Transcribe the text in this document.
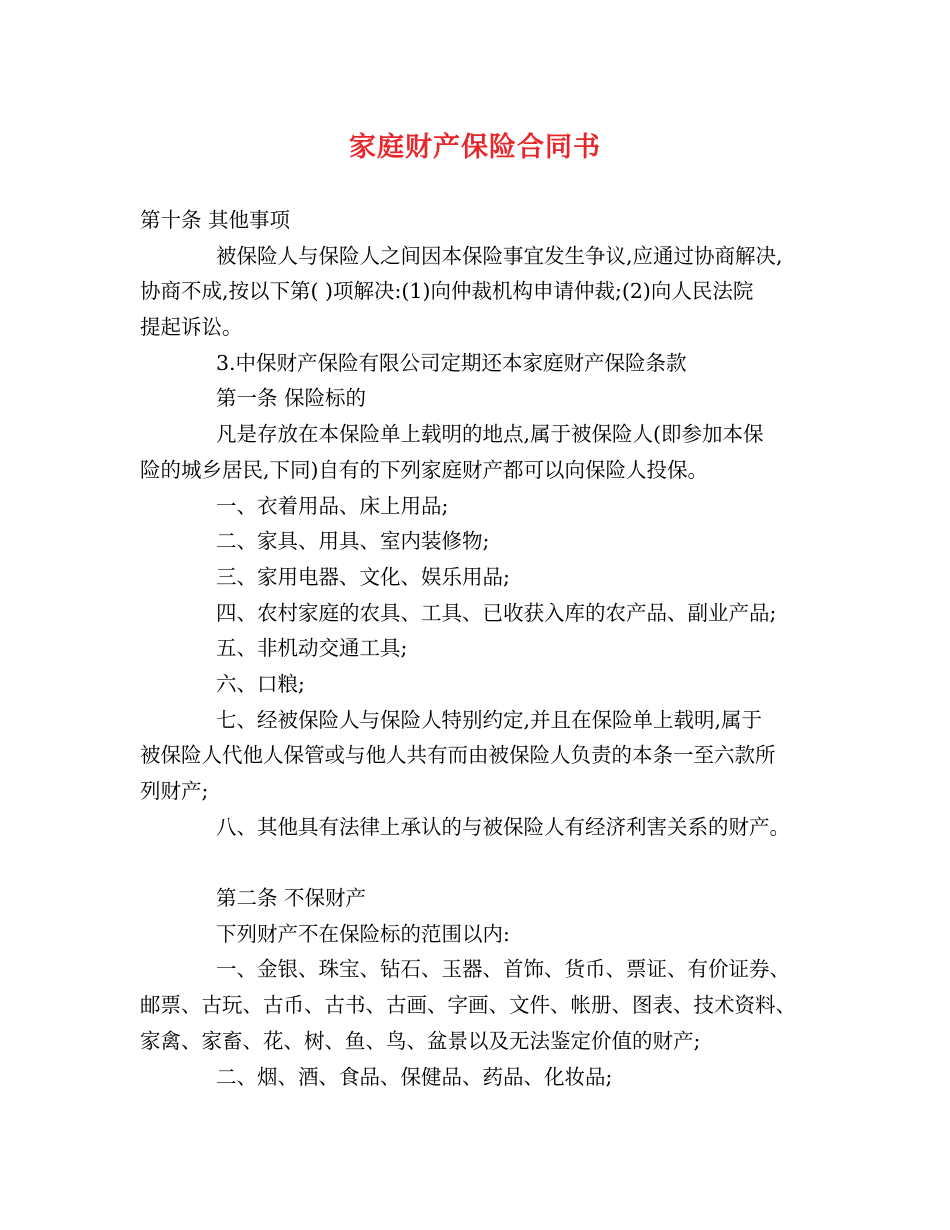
家庭财产保险合同书
第十条 其他事项
被保险人与保险人之间因本保险事宜发生争议,应通过协商解决,
协商不成,按以下第( )项解决:(1)向仲裁机构申请仲裁;(2)向人民法院
提起诉讼。
3.中保财产保险有限公司定期还本家庭财产保险条款
第一条 保险标的
凡是存放在本保险单上载明的地点,属于被保险人(即参加本保
险的城乡居民,下同)自有的下列家庭财产都可以向保险人投保。
一、衣着用品、床上用品;
二、家具、用具、室内装修物;
三、家用电器、文化、娱乐用品;
四、农村家庭的农具、工具、已收获入库的农产品、副业产品;
五、非机动交通工具;
六、口粮;
七、经被保险人与保险人特别约定,并且在保险单上载明,属于
被保险人代他人保管或与他人共有而由被保险人负责的本条一至六款所
列财产;
八、其他具有法律上承认的与被保险人有经济利害关系的财产。
第二条 不保财产
下列财产不在保险标的范围以内:
一、金银、珠宝、钻石、玉器、首饰、货币、票证、有价证券、
邮票、古玩、古币、古书、古画、字画、文件、帐册、图表、技术资料、
家禽、家畜、花、树、鱼、鸟、盆景以及无法鉴定价值的财产;
二、烟、酒、食品、保健品、药品、化妆品;
